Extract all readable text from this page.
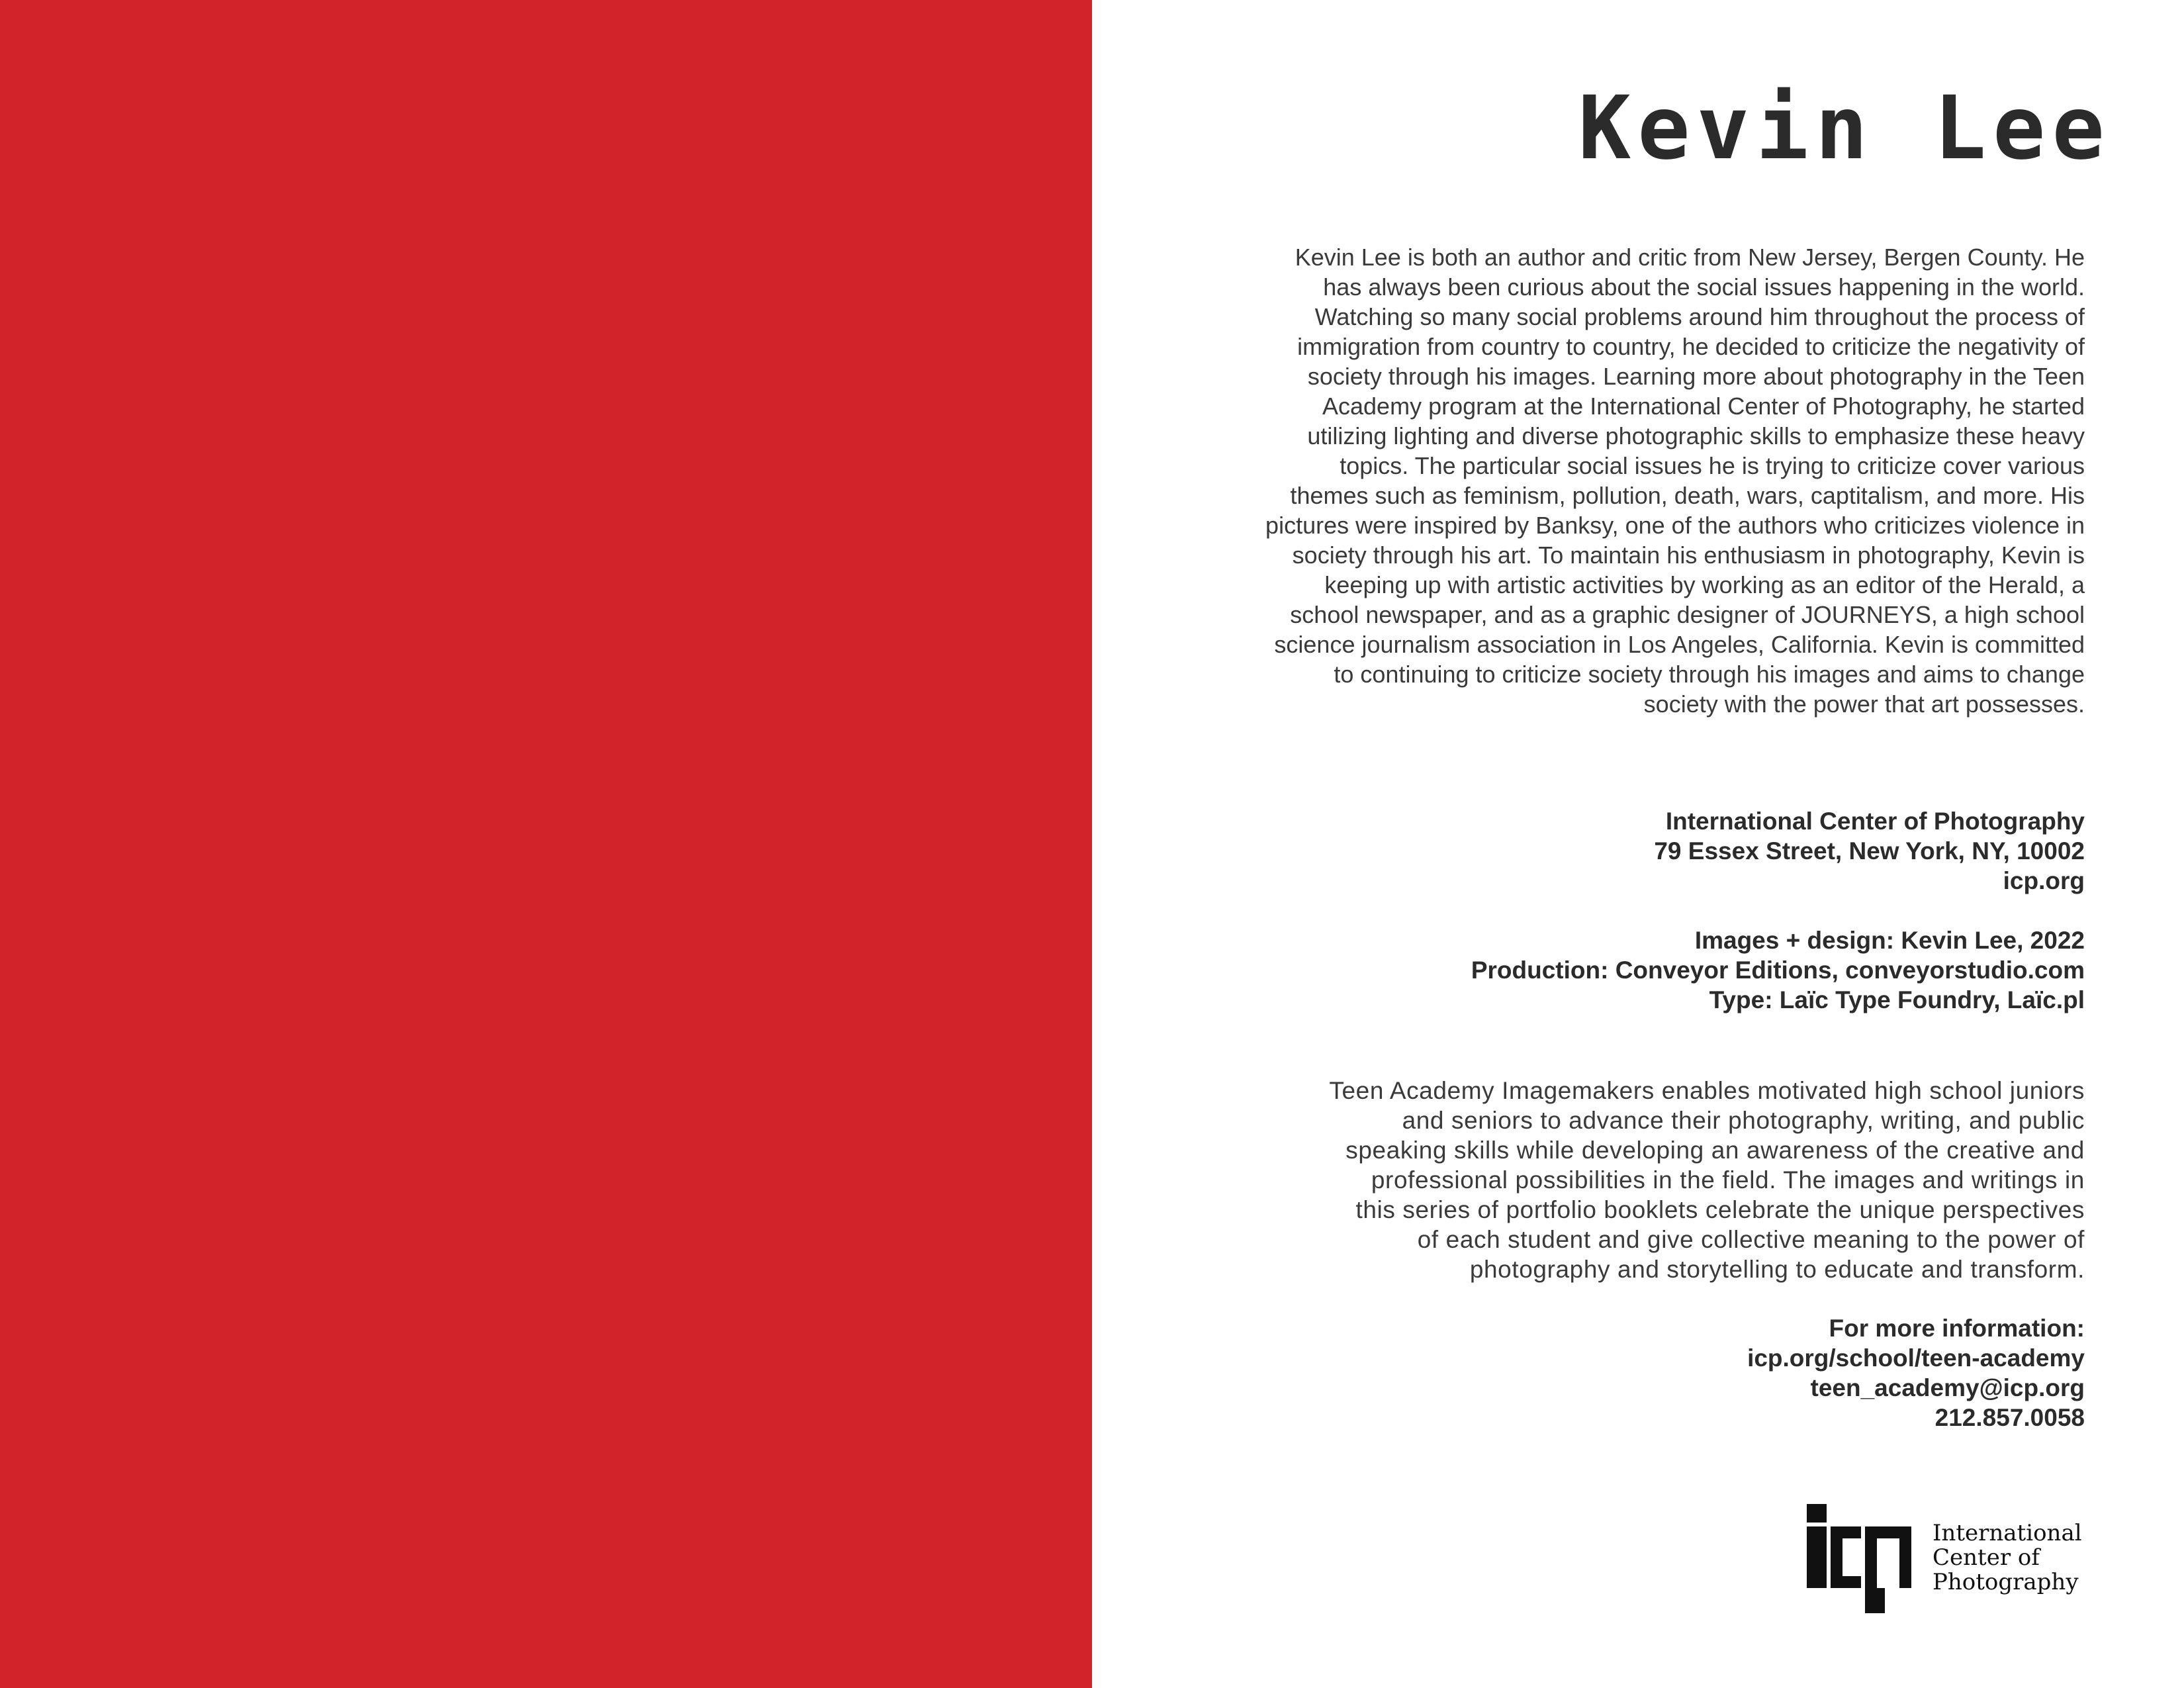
Kevin Lee

Kevin Lee is both an author and critic from New Jersey, Bergen County. He has always been curious about the social issues happening in the world. Watching so many social problems around him throughout the process of immigration from country to country, he decided to criticize the negativity of society through his images. Learning more about photography in the Teen Academy program at the International Center of Photography, he started utilizing lighting and diverse photographic skills to emphasize these heavy topics. The particular social issues he is trying to criticize cover various themes such as feminism, pollution, death, wars, captitalism, and more. His pictures were inspired by Banksy, one of the authors who criticizes violence in society through his art. To maintain his enthusiasm in photography, Kevin is keeping up with artistic activities by working as an editor of the Herald, a school newspaper, and as a graphic designer of JOURNEYS, a high school science journalism association in Los Angeles, California. Kevin is committed to continuing to criticize society through his images and aims to change society with the power that art possesses.

International Center of Photography
79 Essex Street, New York, NY, 10002
icp.org
Images + design: Kevin Lee, 2022
Production: Conveyor Editions, conveyorstudio.com
Type: Laïc Type Foundry, Laïc.pl
Teen Academy Imagemakers enables motivated high school juniors
and seniors to advance their photography, writing, and public
speaking skills while developing an awareness of the creative and
professional possibilities in the field. The images and writings in
this series of portfolio booklets celebrate the unique perspectives
of each student and give collective meaning to the power of
photography and storytelling to educate and transform.
For more information:
icp.org/school/teen-academy
teen_academy@icp.org
212.857.0058
International
Center of
Photography
